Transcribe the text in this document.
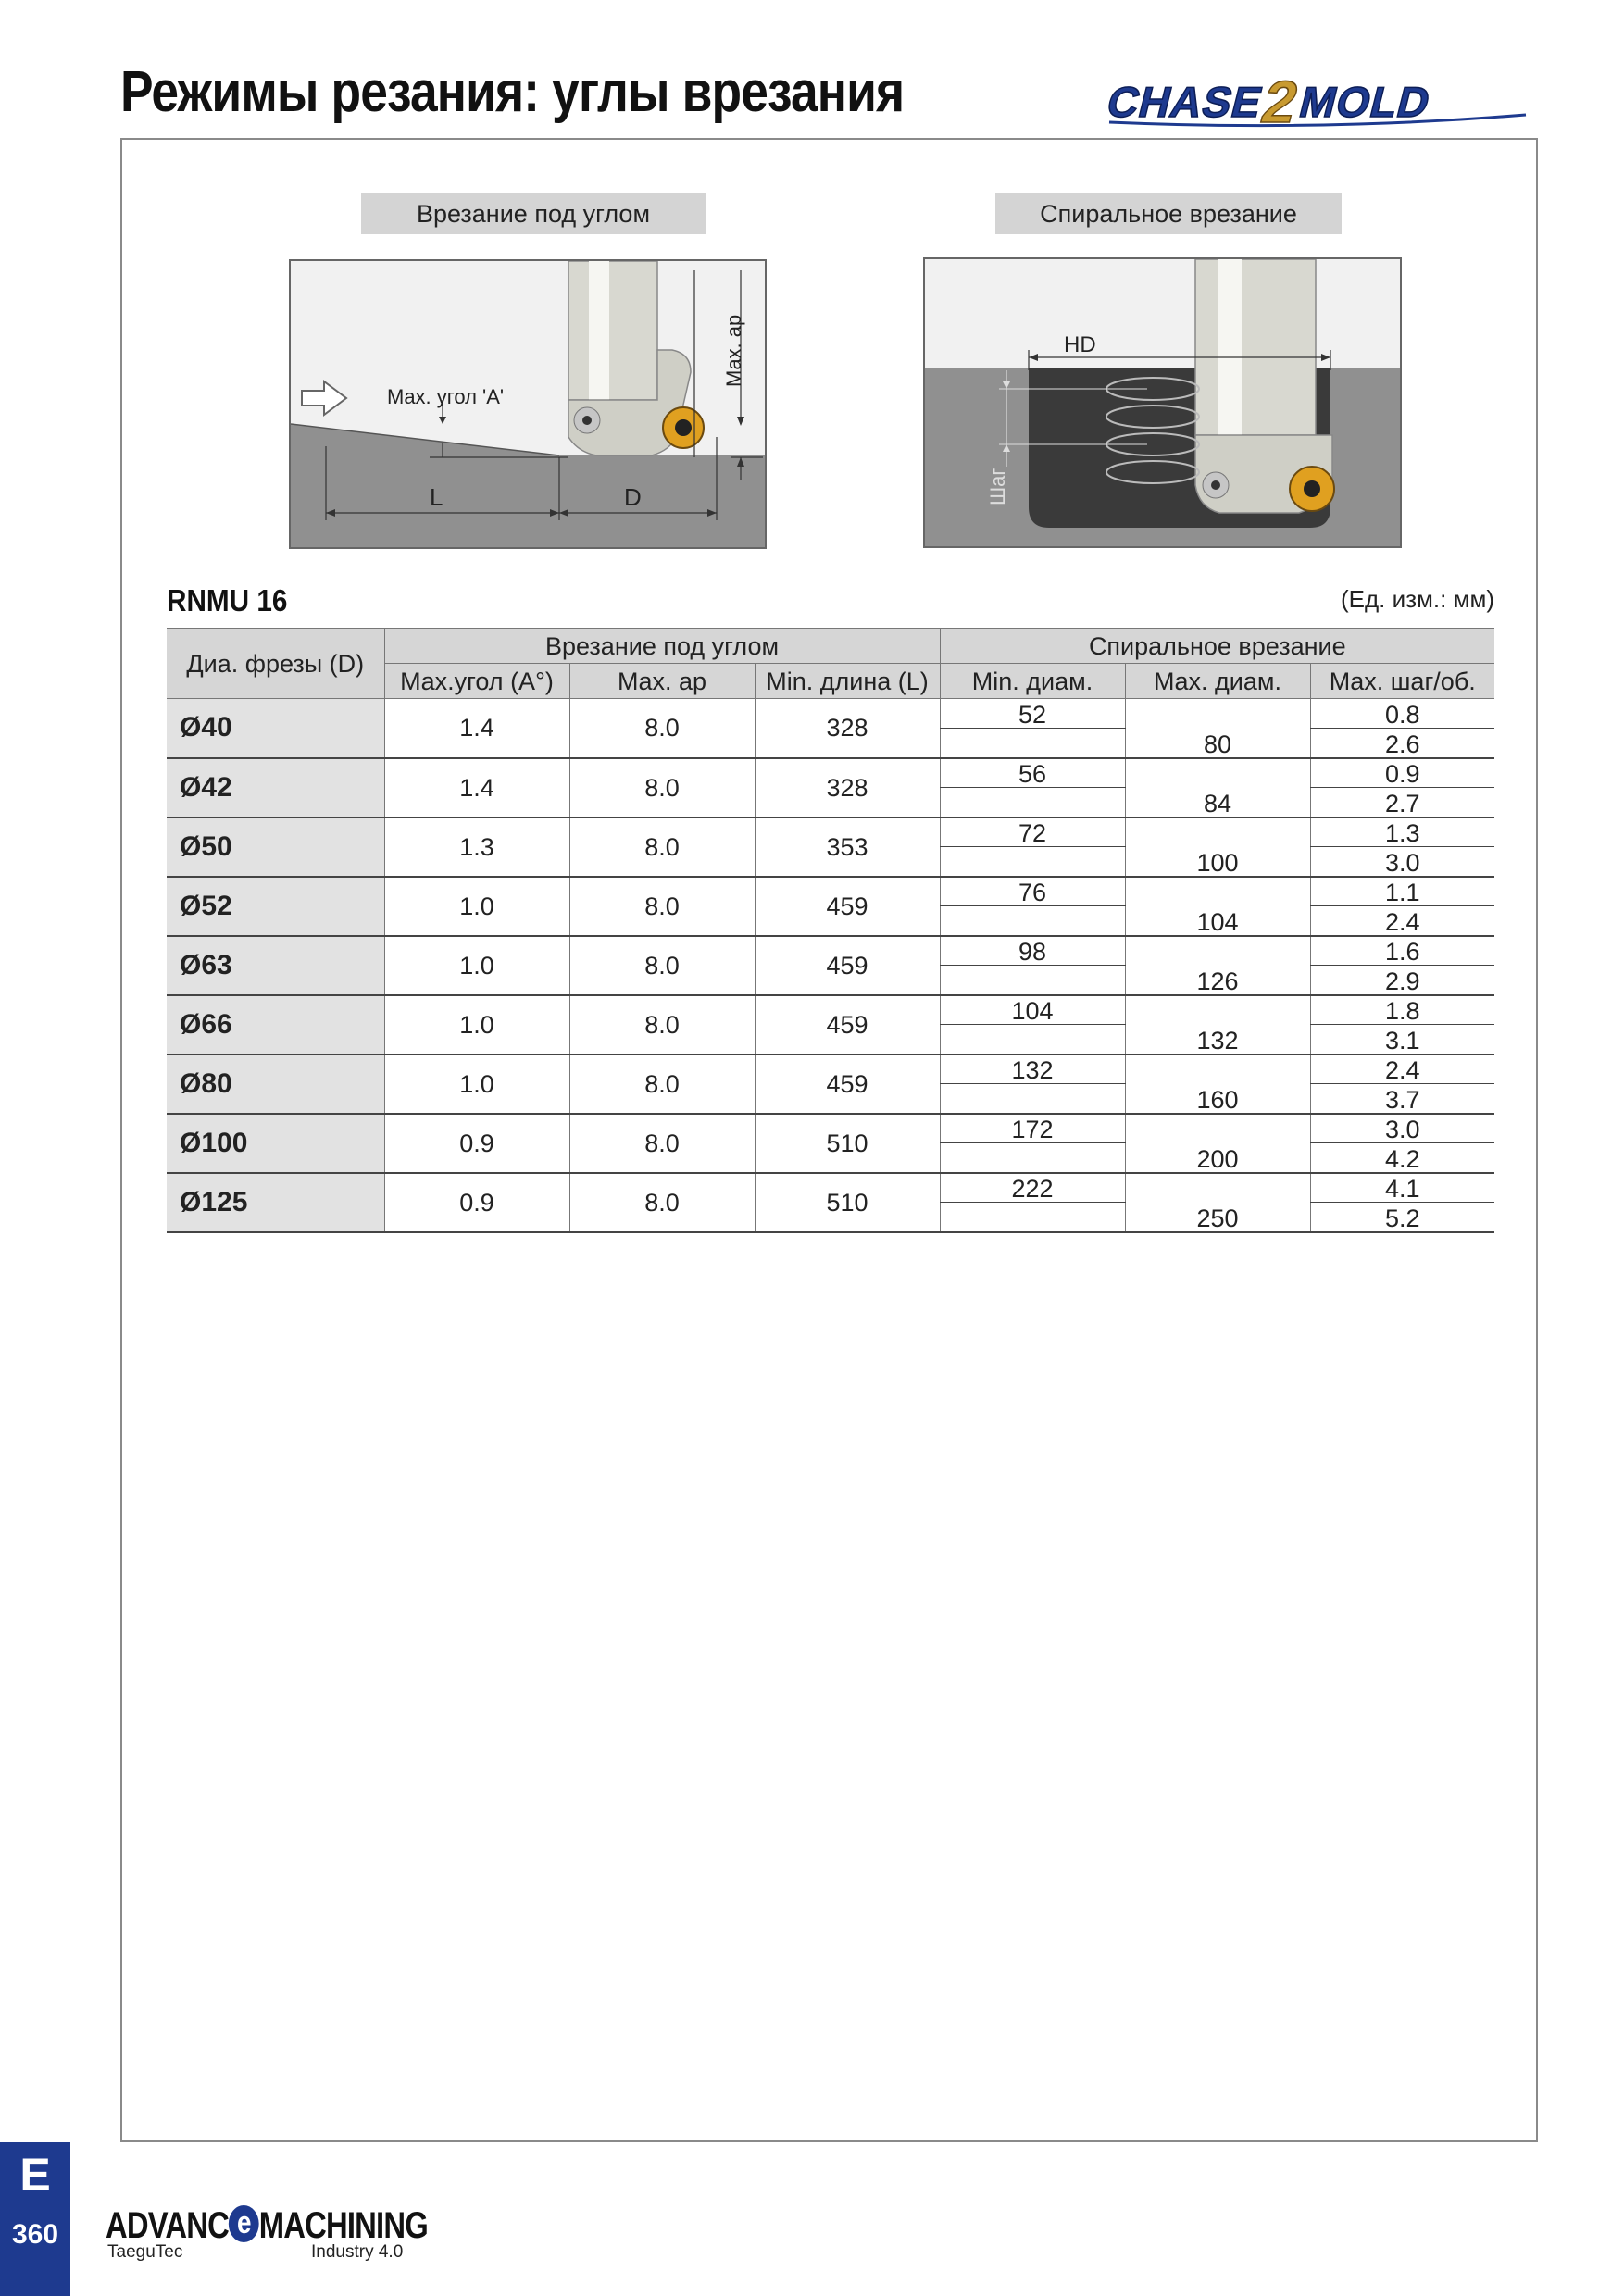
Режимы резания: углы врезания	CHASE
2
MOLD
Врезание под углом	Спиральное врезание
Max. угол 'A'
Max. ap
L	D
HD
Шаг
RNMU 16	(Ед. изм.: мм)
Диа. фрезы (D)	Врезание под углом			Спиральное врезание		
	Max.угол (A°)	Max. ap	Min. длина (L)	Min. диам.	Max. диам.	Max. шаг/об.
Ø40	1.4	8.0	328	52		0.8
					80	2.6
Ø42	1.4	8.0	328	56		0.9
					84	2.7
Ø50	1.3	8.0	353	72		1.3
					100	3.0
Ø52	1.0	8.0	459	76		1.1
					104	2.4
Ø63	1.0	8.0	459	98		1.6
					126	2.9
Ø66	1.0	8.0	459	104		1.8
					132	3.1
Ø80	1.0	8.0	459	132		2.4
					160	3.7
Ø100	0.9	8.0	510	172		3.0
					200	4.2
Ø125	0.9	8.0	510	222		4.1
					250	5.2
E
360	ADVANC e MACHINING
TaeguTec	Industry 4.0
